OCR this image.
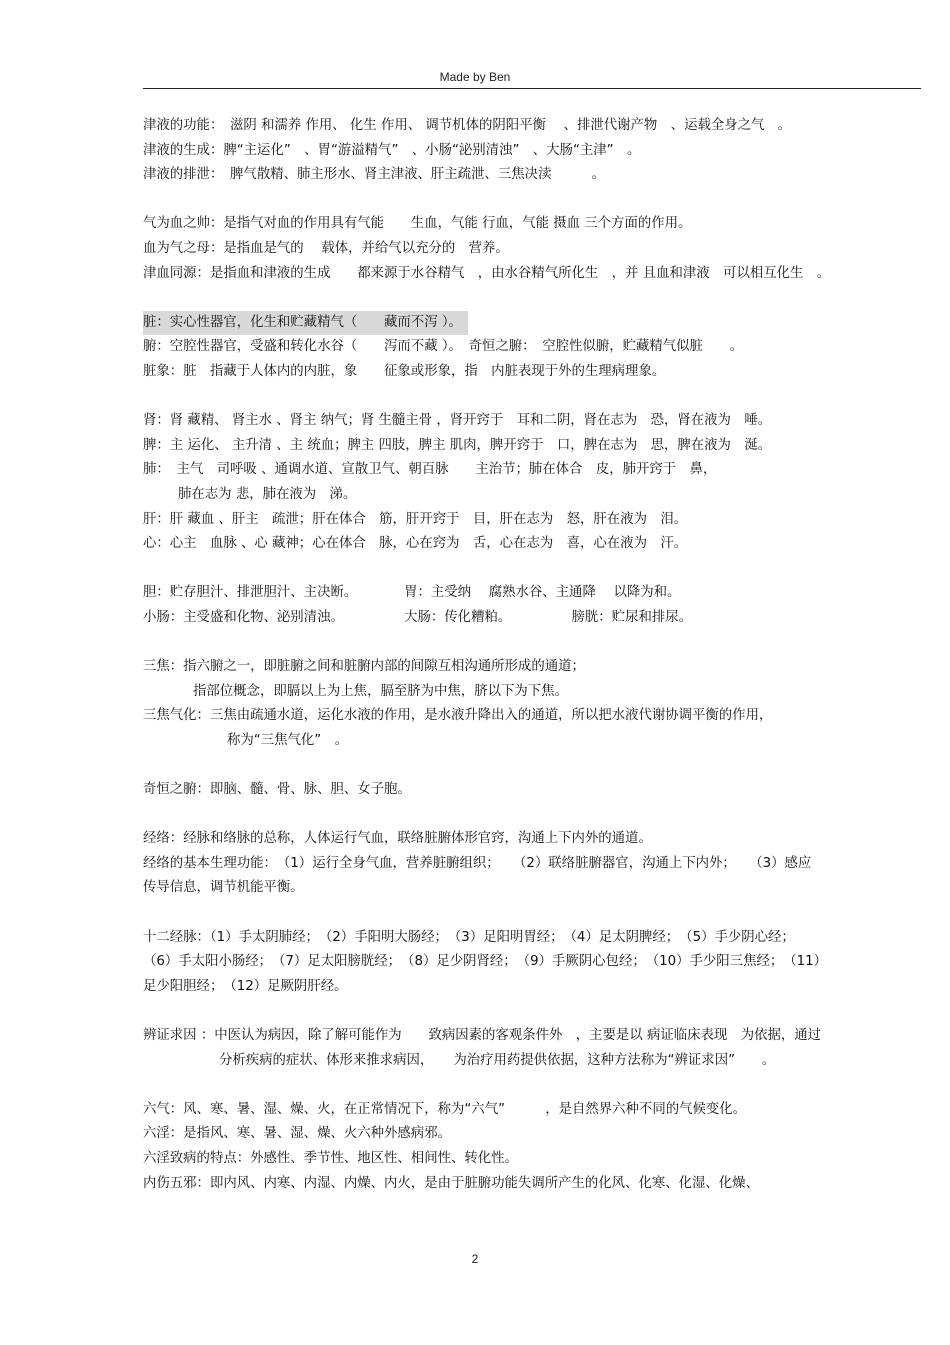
Made by Ben
津液的功能：　滋阴 和濡养 作用、 化生 作用、 调节机体的阴阳平衡　 、排泄代谢产物　、运载全身之气　。
津液的生成：脾“主运化”　、胃“游溢精气”　、小肠“泌别清浊”　、大肠“主津”　。
津液的排泄：　脾气散精、肺主形水、肾主津液、肝主疏泄、三焦决渎　　　。
气为血之帅：是指气对血的作用具有气能　　生血，气能 行血，气能 摄血 三个方面的作用。
血为气之母：是指血是气的　 载体，并给气以充分的　营养。
津血同源：是指血和津液的生成　　都来源于水谷精气　，由水谷精气所化生　，并 且血和津液　可以相互化生　。
脏：实心性器官，化生和贮藏精气（　　藏而不泻 ）。
腑：空腔性器官，受盛和转化水谷（　　泻而不藏 ）。　奇恒之腑：　空腔性似腑，贮藏精气似脏　　。
脏象：脏　指藏于人体内的内脏，象　　征象或形象，指　内脏表现于外的生理病理象。
肾：肾 藏精、 肾主水 、肾主 纳气；肾 生髓主骨 ，肾开窍于　耳和二阴，肾在志为　恐，肾在液为　唾。
脾：主 运化、 主升清 、主 统血；脾主 四肢，脾主 肌肉，脾开窍于　口，脾在志为　思，脾在液为　涎。
肺：　主气　司呼吸 、通调水道、宣散卫气、朝百脉　　主治节；肺在体合　皮，肺开窍于　鼻，
肺在志为 悲，肺在液为　涕。
肝：肝 藏血 、肝主　疏泄；肝在体合　筋，肝开窍于　目，肝在志为　怒，肝在液为　泪。
心：心主　血脉 、心 藏神；心在体合　脉，心在窍为　舌，心在志为　喜，心在液为　汗。
胆：贮存胆汁、排泄胆汁、主决断。　　　　胃：主受纳　 腐熟水谷、主通降　 以降为和。
小肠：主受盛和化物、泌别清浊。　　　　　大肠：传化糟粕。　　　　　膀胱：贮尿和排尿。
三焦：指六腑之一，即脏腑之间和脏腑内部的间隙互相沟通所形成的通道；
指部位概念，即膈以上为上焦，膈至脐为中焦，脐以下为下焦。
三焦气化：三焦由疏通水道，运化水液的作用，是水液升降出入的通道，所以把水液代谢协调平衡的作用，
称为“三焦气化”　。
奇恒之腑：即脑、髓、骨、脉、胆、女子胞。
经络：经脉和络脉的总称，人体运行气血，联络脏腑体形官窍，沟通上下内外的通道。
经络的基本生理功能：　（1）运行全身气血，营养脏腑组织；　　（2）联络脏腑器官，沟通上下内外；　　（3）感应
传导信息，调节机能平衡。
十二经脉：（1）手太阴肺经；　（2）手阳明大肠经；　（3）足阳明胃经；　（4）足太阴脾经；　（5）手少阴心经；
（6）手太阳小肠经；　（7）足太阳膀胱经；　（8）足少阴肾经；　（9）手厥阴心包经；　（10）手少阳三焦经；　（11）
足少阳胆经；　（12）足厥阴肝经。
辨证求因 ：中医认为病因，除了解可能作为　　致病因素的客观条件外　，主要是以 病证临床表现　为依据，通过
分析疾病的症状、体形来推求病因，　　为治疗用药提供依据，这种方法称为“辨证求因”　　。
六气：风、寒、暑、湿、燥、火，在正常情况下，称为“六气”　　　，是自然界六种不同的气候变化。
六淫：是指风、寒、暑、湿、燥、火六种外感病邪。
六淫致病的特点：外感性、季节性、地区性、相间性、转化性。
内伤五邪：即内风、内寒、内湿、内燥、内火，是由于脏腑功能失调所产生的化风、化寒、化湿、化燥、
2
